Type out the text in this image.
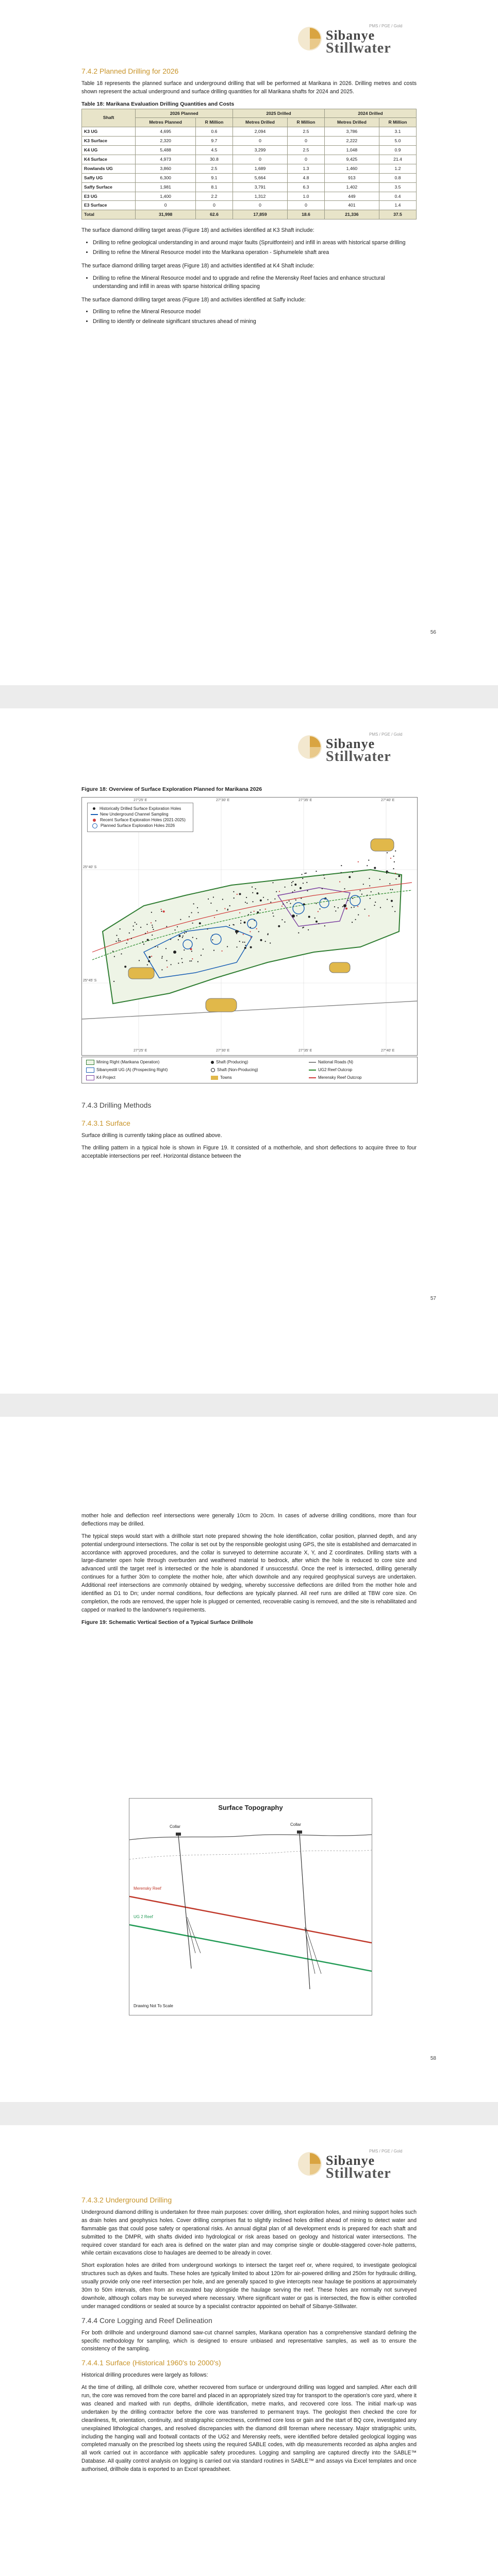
PMS / PGE / Gold
Sibanye
Stillwater
7.4.2 Planned Drilling for 2026

Table 18 represents the planned surface and underground drilling that will be performed at Marikana in 2026. Drilling metres and costs shown represent the actual underground and surface drilling quantities for all Marikana shafts for 2024 and 2025.

Table 18: Marikana Evaluation Drilling Quantities and Costs
Shaft	2026 Planned		2025 Drilled		2024 Drilled	
	Metres Planned	R Million	Metres Drilled	R Million	Metres Drilled	R Million
K3 UG	4,695	0.6	2,094	2.5	3,786	3.1
K3 Surface	2,320	9.7	0	0	2,222	5.0
K4 UG	5,488	4.5	3,299	2.5	1,048	0.9
K4 Surface	4,973	30.8	0	0	9,425	21.4
Rowlands UG	3,860	2.5	1,689	1.3	1,460	1.2
Saffy UG	6,300	9.1	5,664	4.8	913	0.8
Saffy Surface	1,981	8.1	3,791	6.3	1,402	3.5
E3 UG	1,400	2.2	1,312	1.0	449	0.4
E3 Surface	0	0	0	0	401	1.4
Total	31,998	62.6	17,859	18.6	21,336	37.5

The surface diamond drilling target areas (Figure 18) and activities identified at K3 Shaft include:

• Drilling to refine geological understanding in and around major faults (Spruitfontein) and infill in areas with historical sparse drilling
• Drilling to refine the Mineral Resource model into the Marikana operation - Siphumelele shaft area

The surface diamond drilling target areas (Figure 18) and activities identified at K4 Shaft include:

• Drilling to refine the Mineral Resource model and to upgrade and refine the Merensky Reef facies and enhance structural understanding and infill in areas with sparse historical drilling spacing

The surface diamond drilling target areas (Figure 18) and activities identified at Saffy include:

• Drilling to refine the Mineral Resource model
• Drilling to identify or delineate significant structures ahead of mining
56
PMS / PGE / Gold
Sibanye
Stillwater
Figure 18: Overview of Surface Exploration Planned for Marikana 2026
27°25' E	27°30' E	27°35' E	27°40' E
25°40' S
25°45' S
27°25' E	27°30' E	27°35' E	27°40' E
Historically Drilled Surface Exploration Holes
New Underground Channel Sampling
Recent Surface Exploration Holes (2021-2025)
Planned Surface Exploration Holes 2026
Mining Right (Marikana Operation)	Shaft (Producing)	National Roads (N)
Sibanyestill UG (A) (Prospecting Right)	Shaft (Non-Producing)	UG2 Reef Outcrop
K4 Project	Towns	Merensky Reef Outcrop
7.4.3 Drilling Methods
7.4.3.1 Surface

Surface drilling is currently taking place as outlined above.

The drilling pattern in a typical hole is shown in Figure 19. It consisted of a motherhole, and short deflections to acquire three to four acceptable intersections per reef. Horizontal distance between the

57

mother hole and deflection reef intersections were generally 10cm to 20cm. In cases of adverse drilling conditions, more than four deflections may be drilled.

The typical steps would start with a drillhole start note prepared showing the hole identification, collar position, planned depth, and any potential underground intersections. The collar is set out by the responsible geologist using GPS, the site is established and demarcated in accordance with approved procedures, and the collar is surveyed to determine accurate X, Y, and Z coordinates. Drilling starts with a large-diameter open hole through overburden and weathered material to bedrock, after which the hole is reduced to core size and advanced until the target reef is intersected or the hole is abandoned if unsuccessful. Once the reef is intersected, drilling generally continues for a further 30m to complete the mother hole, after which downhole and any required geophysical surveys are undertaken. Additional reef intersections are commonly obtained by wedging, whereby successive deflections are drilled from the mother hole and identified as D1 to Dn; under normal conditions, four deflections are typically planned. All reef runs are drilled at TBW core size. On completion, the rods are removed, the upper hole is plugged or cemented, recoverable casing is removed, and the site is rehabilitated and capped or marked to the landowner's requirements.

Figure 19: Schematic Vertical Section of a Typical Surface Drillhole
Surface Topography
Collar	Collar
Merensky Reef
UG 2 Reef
Drawing Not To Scale
58
PMS / PGE / Gold
Sibanye
Stillwater
7.4.3.2 Underground Drilling

Underground diamond drilling is undertaken for three main purposes: cover drilling, short exploration holes, and mining support holes such as drain holes and geophysics holes. Cover drilling comprises flat to slightly inclined holes drilled ahead of mining to detect water and flammable gas that could pose safety or operational risks. An annual digital plan of all development ends is prepared for each shaft and submitted to the DMPR, with shafts divided into hydrological or risk areas based on geology and historical water intersections. The required cover standard for each area is defined on the water plan and may comprise single or double-staggered cover-hole patterns, while certain excavations close to haulages are deemed to be already in cover.

Short exploration holes are drilled from underground workings to intersect the target reef or, where required, to investigate geological structures such as dykes and faults. These holes are typically limited to about 120m for air-powered drilling and 250m for hydraulic drilling, usually provide only one reef intersection per hole, and are generally spaced to give intercepts near haulage tie positions at approximately 30m to 50m intervals, often from an excavated bay alongside the haulage serving the reef. These holes are normally not surveyed downhole, although collars may be surveyed where necessary. Where significant water or gas is intersected, the flow is either controlled under managed conditions or sealed at source by a specialist contractor appointed on behalf of Sibanye-Stillwater.

7.4.4 Core Logging and Reef Delineation

For both drillhole and underground diamond saw-cut channel samples, Marikana operation has a comprehensive standard defining the specific methodology for sampling, which is designed to ensure unbiased and representative samples, as well as to ensure the consistency of the sampling.

7.4.4.1 Surface (Historical 1960's to 2000's)

Historical drilling procedures were largely as follows:

At the time of drilling, all drillhole core, whether recovered from surface or underground drilling was logged and sampled. After each drill run, the core was removed from the core barrel and placed in an appropriately sized tray for transport to the operation's core yard, where it was cleaned and marked with run depths, drillhole identification, metre marks, and recovered core loss. The initial mark-up was undertaken by the drilling contractor before the core was transferred to permanent trays. The geologist then checked the core for cleanliness, fit, orientation, continuity, and stratigraphic correctness, confirmed core loss or gain and the start of BQ core, investigated any unexplained lithological changes, and resolved discrepancies with the diamond drill foreman where necessary. Major stratigraphic units, including the hanging wall and footwall contacts of the UG2 and Merensky reefs, were identified before detailed geological logging was completed manually on the prescribed log sheets using the required SABLE codes, with dip measurements recorded as alpha angles and all work carried out in accordance with applicable safety procedures. Logging and sampling are captured directly into the SABLE™ Database. All quality control analysis on logging is carried out via standard routines in SABLE™ and assays via Excel templates and once authorised, drillhole data is exported to an Excel spreadsheet.
